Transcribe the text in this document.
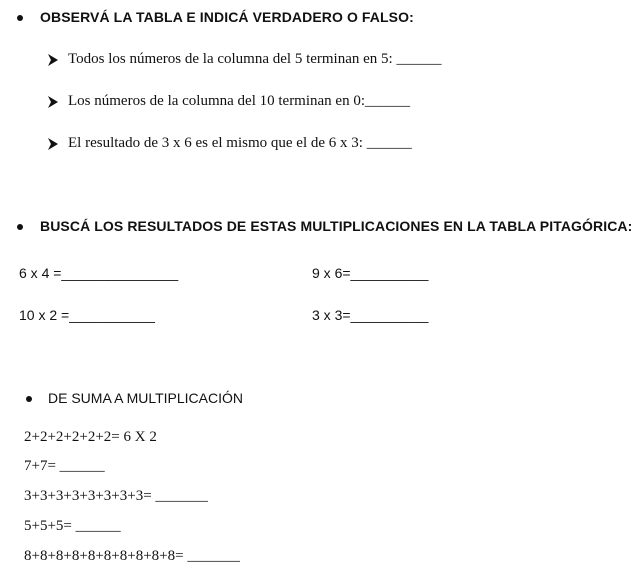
OBSERVÁ LA TABLA E INDICÁ VERDADERO O FALSO:
Todos los números de la columna del 5 terminan en 5: ______
Los números de la columna del 10 terminan en 0:______
El resultado de 3 x 6 es el mismo que el de 6 x 3: ______
BUSCÁ LOS RESULTADOS DE ESTAS MULTIPLICACIONES EN LA TABLA PITAGÓRICA:
6 x 4 =_______________	9 x 6=__________
10 x 2 =___________	3 x 3=__________
DE SUMA A MULTIPLICACIÓN
2+2+2+2+2+2= 6 X 2
7+7= ______
3+3+3+3+3+3+3+3= _______
5+5+5= ______
8+8+8+8+8+8+8+8+8+8= _______
